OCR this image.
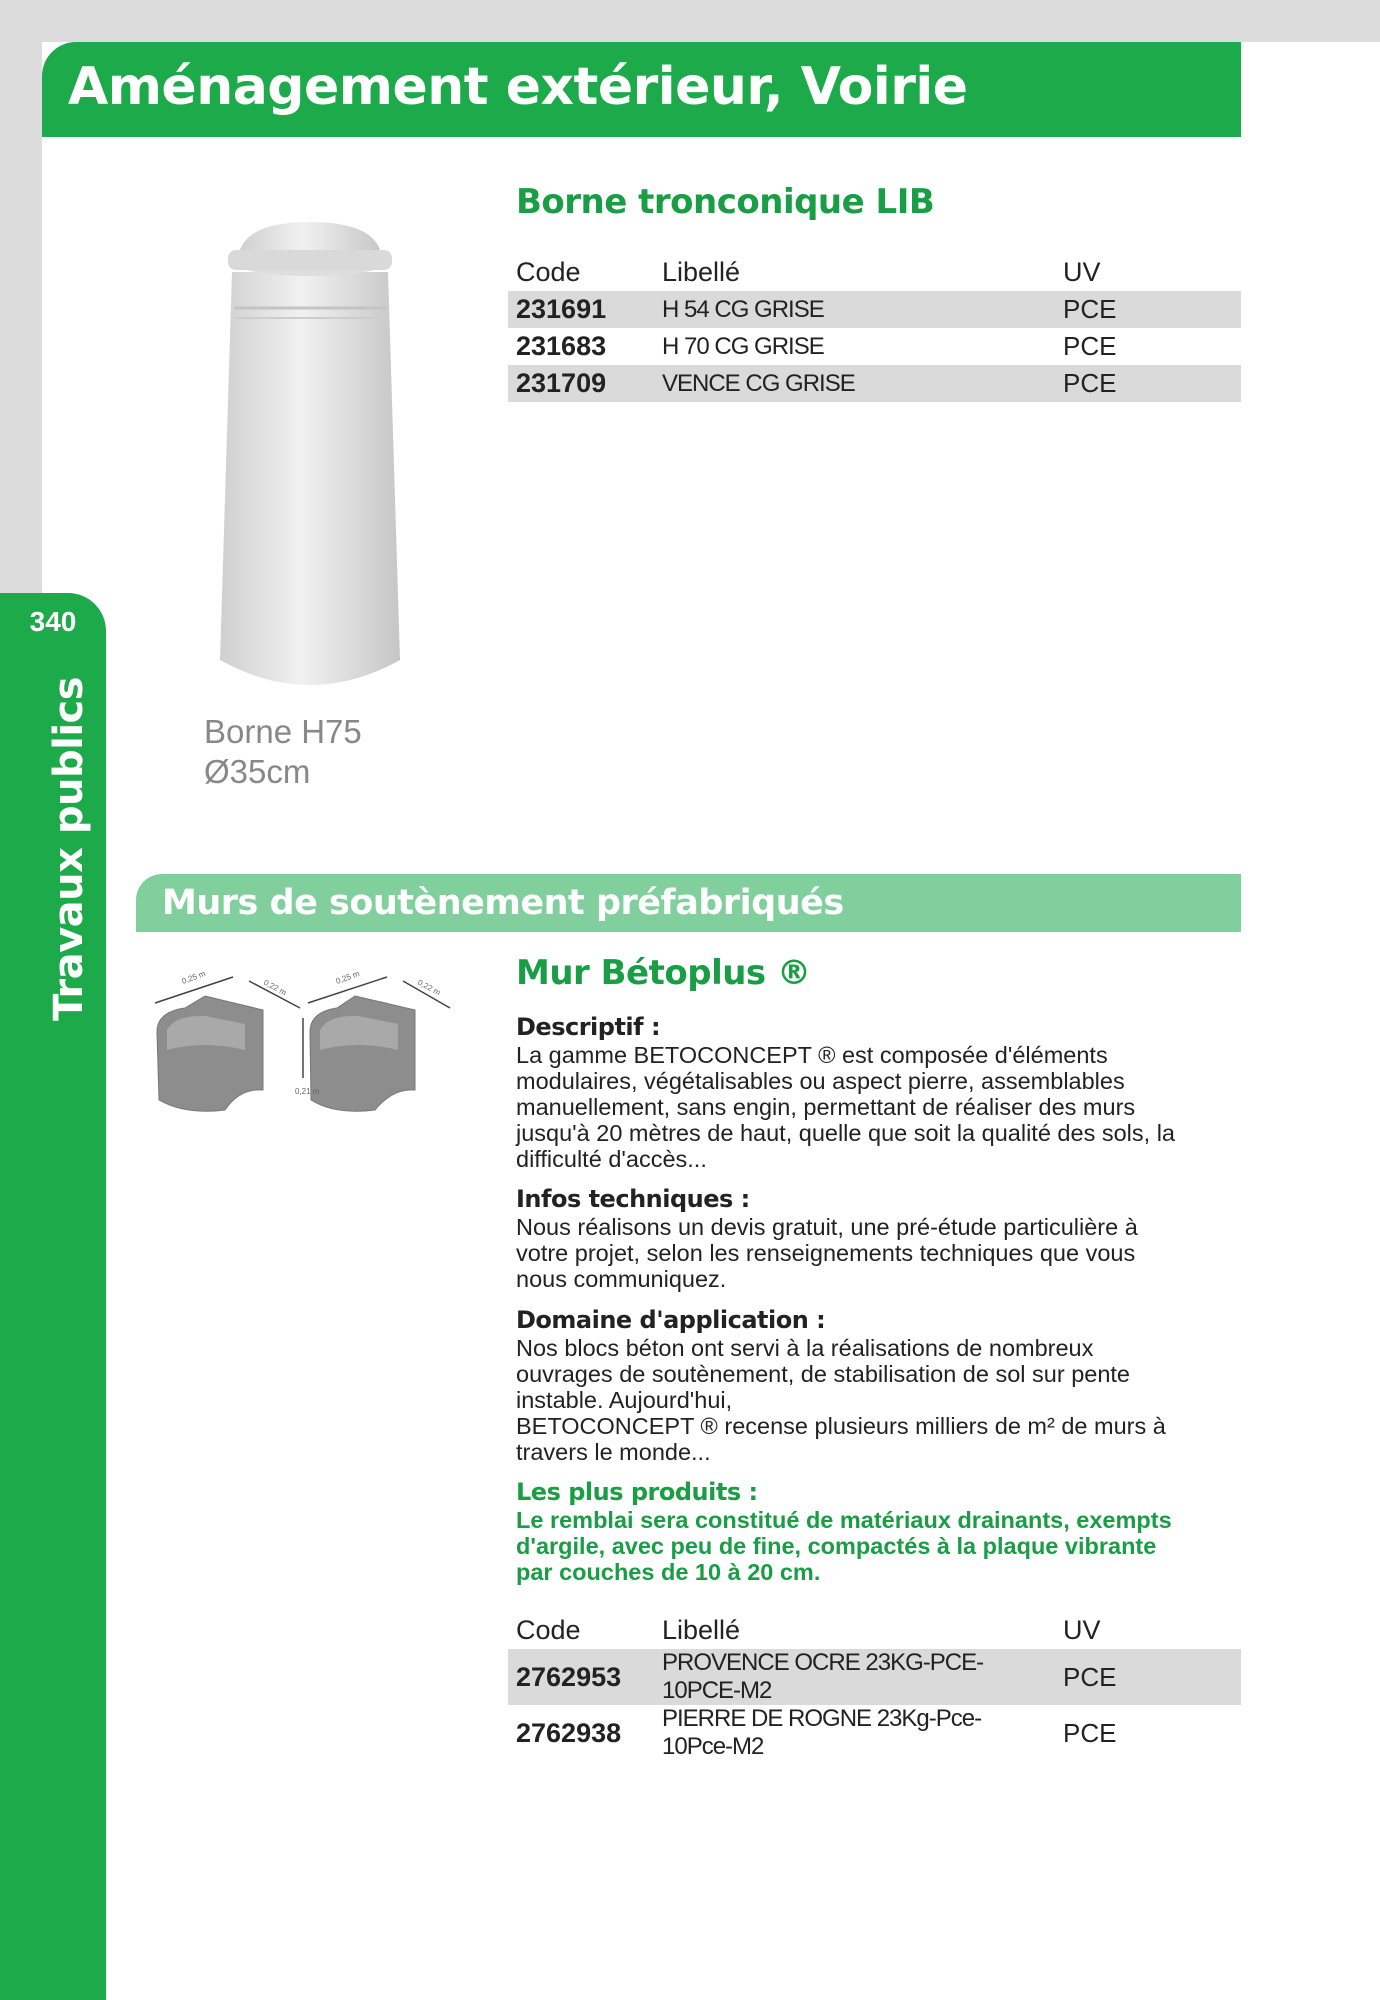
Aménagement extérieur, Voirie
340
Travaux publics	Borne H75
Ø35cm
Borne tronconique LIB
Code	Libellé	UV
231691	H 54 CG GRISE	PCE
231683	H 70 CG GRISE	PCE
231709	VENCE CG GRISE	PCE
Murs de soutènement préfabriqués
0,25 m
0,22 m
0,25 m
0,22 m
0,21 m
Mur Bétoplus ®
Descriptif :
La gamme BETOCONCEPT ® est composée d'éléments
modulaires, végétalisables ou aspect pierre, assemblables
manuellement, sans engin, permettant de réaliser des murs
jusqu'à 20 mètres de haut, quelle que soit la qualité des sols, la
difficulté d'accès...
Infos techniques :
Nous réalisons un devis gratuit, une pré-étude particulière à
votre projet, selon les renseignements techniques que vous
nous communiquez.
Domaine d'application :
Nos blocs béton ont servi à la réalisations de nombreux
ouvrages de soutènement, de stabilisation de sol sur pente
instable. Aujourd'hui,
BETOCONCEPT ® recense plusieurs milliers de m² de murs à
travers le monde...
Les plus produits :
Le remblai sera constitué de matériaux drainants, exempts
d'argile, avec peu de fine, compactés à la plaque vibrante
par couches de 10 à 20 cm.
Code	Libellé	UV
2762953	PROVENCE OCRE 23KG-PCE-10PCE-M2	PCE
2762938	PIERRE DE ROGNE 23Kg-Pce-10Pce-M2	PCE
